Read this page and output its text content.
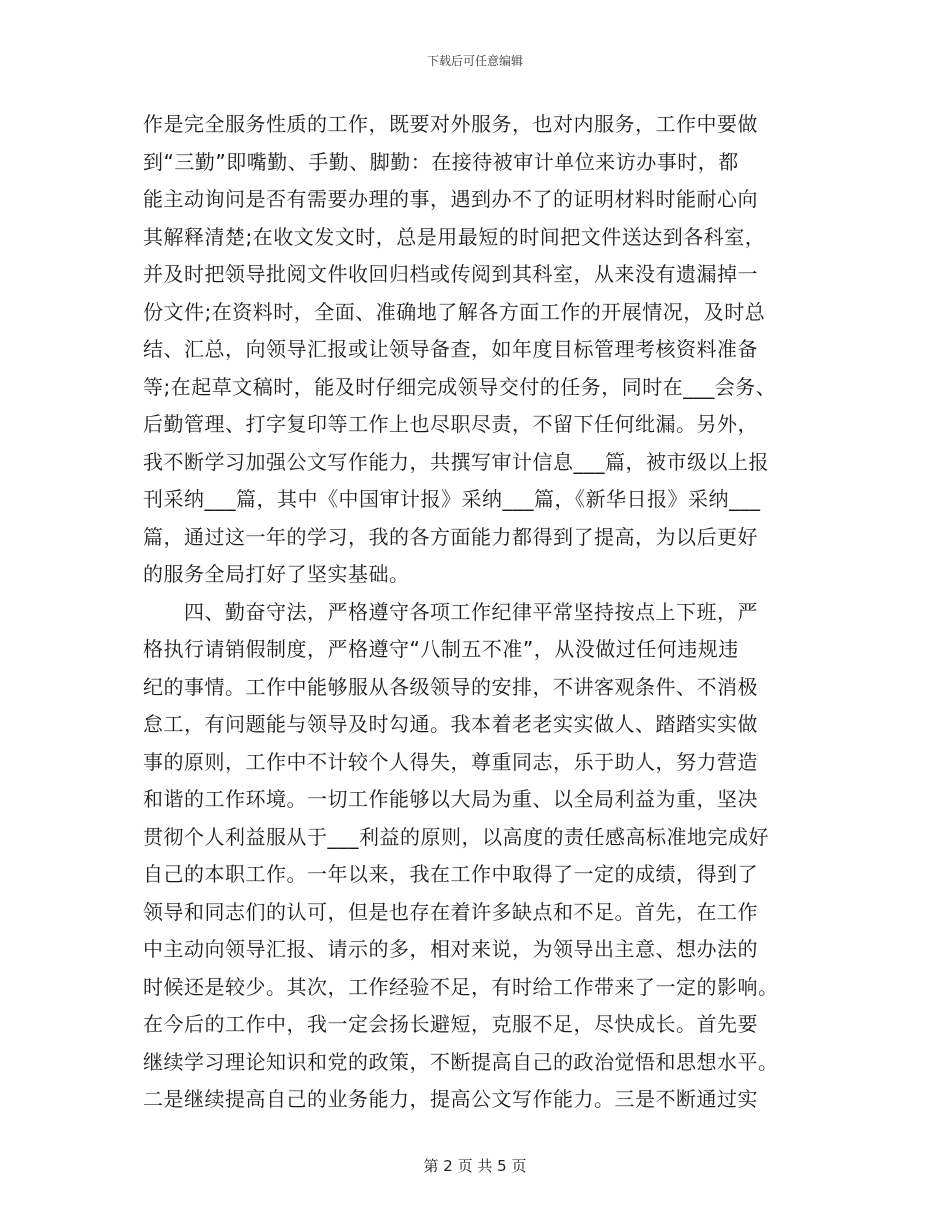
下载后可任意编辑
作是完全服务性质的工作，既要对外服务，也对内服务，工作中要做
到“三勤”即嘴勤、手勤、脚勤：在接待被审计单位来访办事时，都
能主动询问是否有需要办理的事，遇到办不了的证明材料时能耐心向
其解释清楚;在收文发文时，总是用最短的时间把文件送达到各科室，
并及时把领导批阅文件收回归档或传阅到其科室，从来没有遗漏掉一
份文件;在资料时，全面、准确地了解各方面工作的开展情况，及时总
结、汇总，向领导汇报或让领导备查，如年度目标管理考核资料准备
等;在起草文稿时，能及时仔细完成领导交付的任务，同时在___会务、
后勤管理、打字复印等工作上也尽职尽责，不留下任何纰漏。另外，
我不断学习加强公文写作能力，共撰写审计信息___篇，被市级以上报
刊采纳___篇，其中《中国审计报》采纳___篇，《新华日报》采纳___
篇，通过这一年的学习，我的各方面能力都得到了提高，为以后更好
的服务全局打好了坚实基础。
　　四、勤奋守法，严格遵守各项工作纪律平常坚持按点上下班，严
格执行请销假制度，严格遵守“八制五不准”，从没做过任何违规违
纪的事情。工作中能够服从各级领导的安排，不讲客观条件、不消极
怠工，有问题能与领导及时勾通。我本着老老实实做人、踏踏实实做
事的原则，工作中不计较个人得失，尊重同志，乐于助人，努力营造
和谐的工作环境。一切工作能够以大局为重、以全局利益为重，坚决
贯彻个人利益服从于___利益的原则，以高度的责任感高标准地完成好
自己的本职工作。一年以来，我在工作中取得了一定的成绩，得到了
领导和同志们的认可，但是也存在着许多缺点和不足。首先，在工作
中主动向领导汇报、请示的多，相对来说，为领导出主意、想办法的
时候还是较少。其次，工作经验不足，有时给工作带来了一定的影响。
在今后的工作中，我一定会扬长避短，克服不足，尽快成长。首先要
继续学习理论知识和党的政策，不断提高自己的政治觉悟和思想水平。
二是继续提高自己的业务能力，提高公文写作能力。三是不断通过实
第 2 页 共 5 页
